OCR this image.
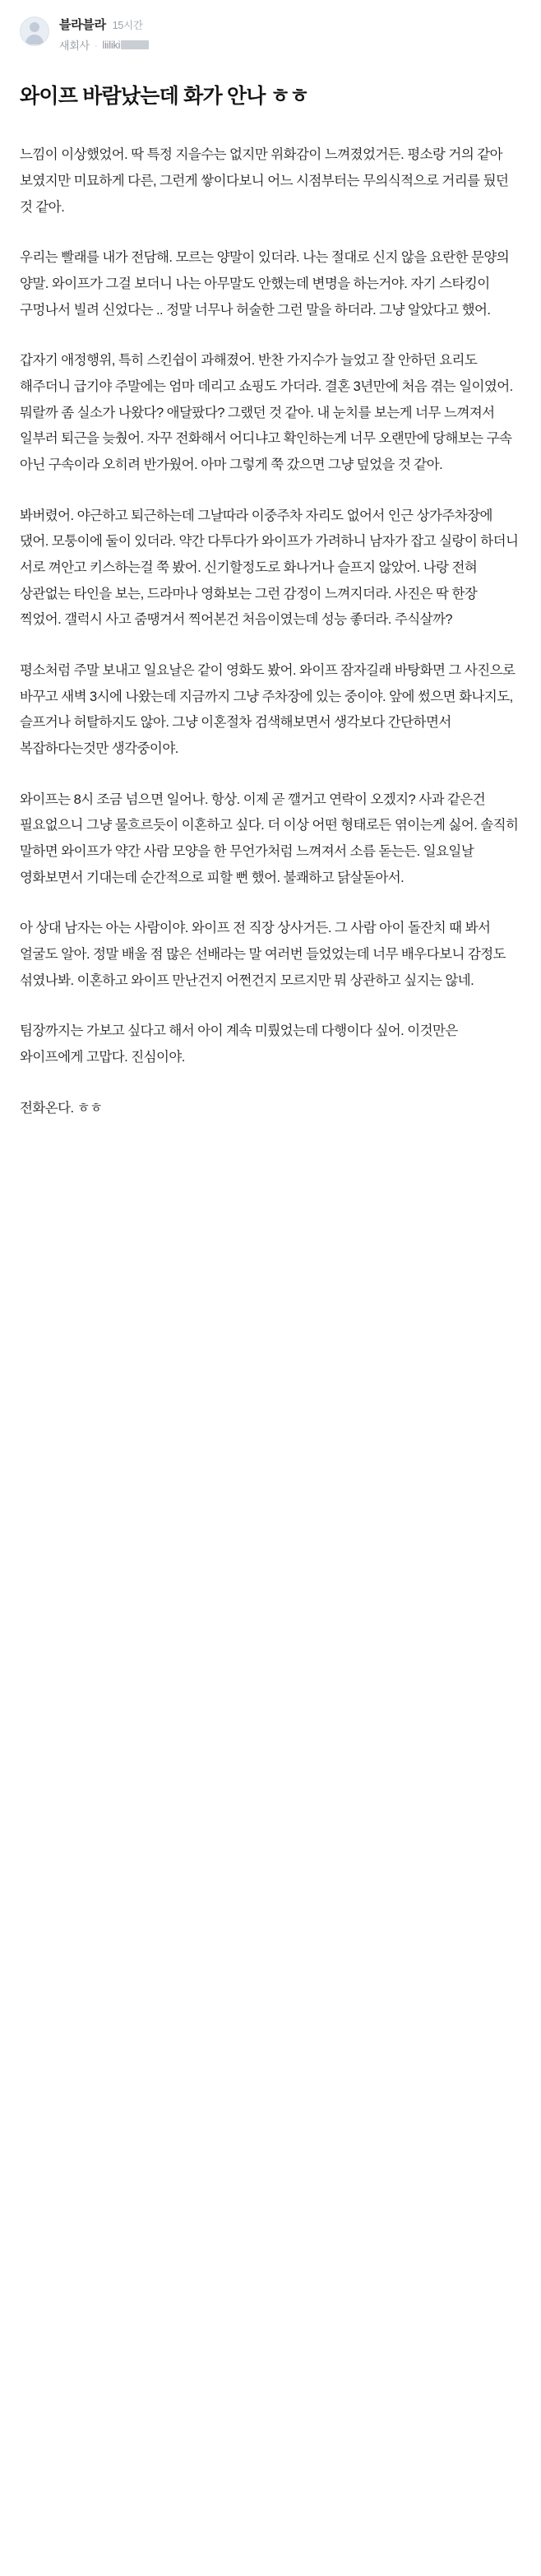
블라블라 15시간
새회사 · liiliki
와이프 바람났는데 화가 안나 ㅎㅎ

느낌이 이상했었어. 딱 특정 지을수는 없지만 위화감이 느껴졌었거든. 평소랑 거의 같아 보였지만 미묘하게 다른, 그런게 쌓이다보니 어느 시점부터는 무의식적으로 거리를 뒀던 것 같아.

우리는 빨래를 내가 전담해. 모르는 양말이 있더라. 나는 절대로 신지 않을 요란한 문양의 양말. 와이프가 그걸 보더니 나는 아무말도 안했는데 변명을 하는거야. 자기 스타킹이 구멍나서 빌려 신었다는 .. 정말 너무나 허술한 그런 말을 하더라. 그냥 알았다고 했어.

갑자기 애정행위, 특히 스킨쉽이 과해졌어. 반찬 가지수가 늘었고 잘 안하던 요리도 해주더니 급기야 주말에는 엄마 데리고 쇼핑도 가더라. 결혼 3년만에 처음 겪는 일이였어. 뭐랄까 좀 실소가 나왔다? 애달팠다? 그랬던 것 같아. 내 눈치를 보는게 너무 느껴져서 일부러 퇴근을 늦췄어. 자꾸 전화해서 어디냐고 확인하는게 너무 오랜만에 당해보는 구속 아닌 구속이라 오히려 반가웠어. 아마 그렇게 쭉 갔으면 그냥 덮었을 것 같아.

봐버렸어. 야근하고 퇴근하는데 그날따라 이중주차 자리도 없어서 인근 상가주차장에 댔어. 모퉁이에 둘이 있더라. 약간 다투다가 와이프가 가려하니 남자가 잡고 실랑이 하더니 서로 껴안고 키스하는걸 쭉 봤어. 신기할정도로 화나거나 슬프지 않았어. 나랑 전혀 상관없는 타인을 보는, 드라마나 영화보는 그런 감정이 느껴지더라. 사진은 딱 한장 찍었어. 갤럭시 사고 줌땡겨서 찍어본건 처음이였는데 성능 좋더라. 주식살까?

평소처럼 주말 보내고 일요날은 같이 영화도 봤어. 와이프 잠자길래 바탕화면 그 사진으로 바꾸고 새벽 3시에 나왔는데 지금까지 그냥 주차장에 있는 중이야. 앞에 썼으면 화나지도, 슬프거나 허탈하지도 않아. 그냥 이혼절차 검색해보면서 생각보다 간단하면서 복잡하다는것만 생각중이야.

와이프는 8시 조금 넘으면 일어나. 항상. 이제 곧 깰거고 연락이 오겠지? 사과 같은건 필요없으니 그냥 물흐르듯이 이혼하고 싶다. 더 이상 어떤 형태로든 엮이는게 싫어. 솔직히 말하면 와이프가 약간 사람 모양을 한 무언가처럼 느껴져서 소름 돋는든. 일요일날 영화보면서 기대는데 순간적으로 피할 뻔 했어. 불쾌하고 닭살돋아서.

아 상대 남자는 아는 사람이야. 와이프 전 직장 상사거든. 그 사람 아이 돌잔치 때 봐서 얼굴도 알아. 정말 배울 점 많은 선배라는 말 여러번 들었었는데 너무 배우다보니 감정도 섞였나봐. 이혼하고 와이프 만난건지 어쩐건지 모르지만 뭐 상관하고 싶지는 않네.

팀장까지는 가보고 싶다고 해서 아이 계속 미뤘었는데 다행이다 싶어. 이것만은 와이프에게 고맙다. 진심이야.

전화온다. ㅎㅎ
